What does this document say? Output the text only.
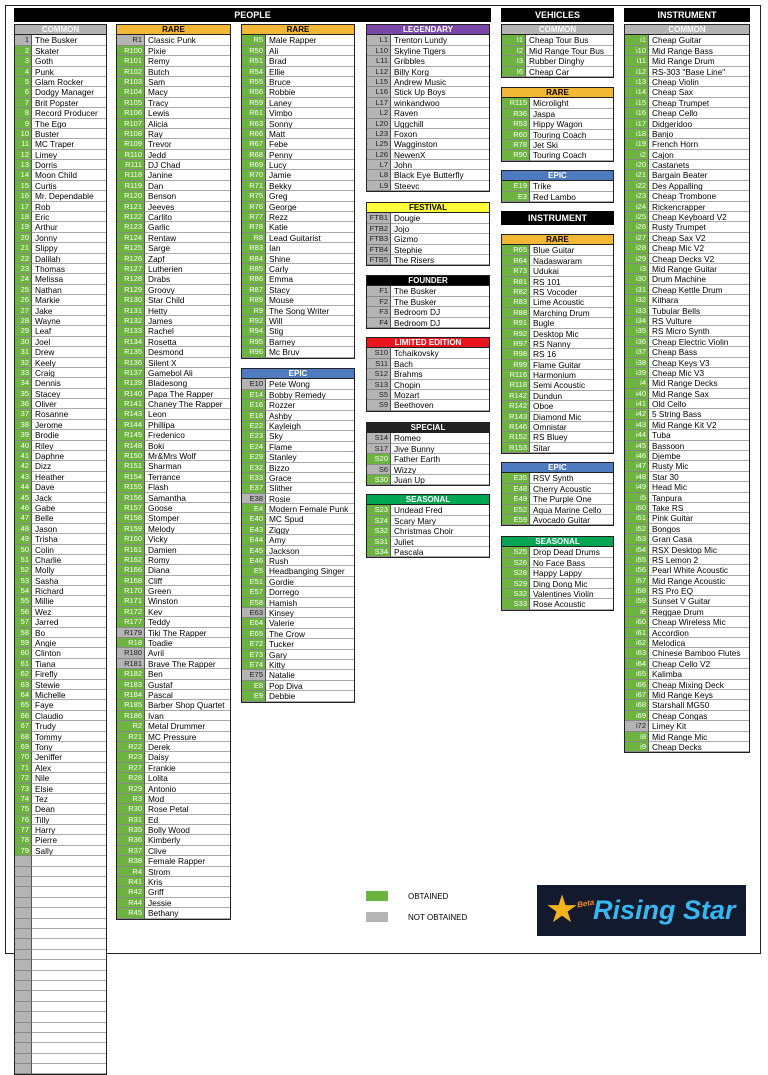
PEOPLE	VEHICLES	INSTRUMENT
INSTRUMENT
COMMON
1 The Busker
2 Skater
3 Goth
4 Punk
5 Glam Rocker
6 Dodgy Manager
7 Brit Popster
8 Record Producer
9 The Ego
10 Buster
11 MC Traper
12 Limey
13 Dorris
14 Moon Child
15 Curtis
16 Mr. Dependable
17 Rob
18 Eric
19 Arthur
20 Jonny
21 Slippy
22 Dalilah
23 Thomas
24 Melissa
25 Nathan
26 Markie
27 Jake
28 Wayne
29 Leaf
30 Joel
31 Drew
32 Keely
33 Craig
34 Dennis
35 Stacey
36 Oliver
37 Rosanne
38 Jerome
39 Brodie
40 Riley
41 Daphne
42 Dizz
43 Heather
44 Dave
45 Jack
46 Gabe
47 Belle
48 Jason
49 Trisha
50 Colin
51 Charlie
52 Molly
53 Sasha
54 Richard
55 Millie
56 Wez
57 Jarred
58 Bo
59 Angie
60 Clinton
61 Tiana
62 Firefly
63 Stewie
64 Michelle
65 Faye
66 Claudio
67 Trudy
68 Tommy
69 Tony
70 Jeniffer
71 Alex
72 Nile
73 Elsie
74 Tez
75 Dean
76 Tilly
77 Harry
78 Pierre
79 Sally
RARE
R1 Classic Punk
R100 Pixie
R101 Remy
R102 Butch
R103 Sam
R104 Macy
R105 Tracy
R106 Lewis
R107 Alicia
R108 Ray
R109 Trevor
R110 Jedd
R111 DJ Chad
R118 Janine
R119 Dan
R120 Benson
R121 Jeeves
R122 Carlito
R123 Garlic
R124 Rentaw
R125 Sarge
R126 Zapf
R127 Lutherien
R128 Drabs
R129 Groovy
R130 Star Child
R131 Hetty
R132 James
R133 Rachel
R134 Rosetta
R135 Desmond
R136 Silent X
R137 Gamebol Ali
R139 Bladesong
R140 Papa The Rapper
R141 Chaney The Rapper
R143 Leon
R144 Phillipa
R145 Fredenico
R148 Boki
R150 Mr&Mrs Wolf
R151 Sharman
R154 Terrance
R155 Flash
R156 Samantha
R157 Goose
R158 Stomper
R159 Melody
R160 Vicky
R161 Damien
R162 Romy
R166 Diana
R168 Cliff
R170 Green
R171 Winston
R172 Kev
R177 Teddy
R179 Tiki The Rapper
R18 Toadie
R180 Avril
R181 Brave The Rapper
R182 Ben
R183 Gustaf
R184 Pascal
R185 Barber Shop Quartet
R186 Ivan
R2 Metal Drummer
R21 MC Pressure
R22 Derek
R23 Daisy
R27 Frankie
R28 Lolita
R29 Antonio
R3 Mod
R30 Rose Petal
R31 Ed
R35 Bolly Wood
R36 Kimberly
R37 Clive
R38 Female Rapper
R4 Strom
R41 Kris
R42 Griff
R44 Jessie
R45 Bethany
RARE
R5 Male Rapper
R50 Ali
R51 Brad
R54 Ellie
R55 Bruce
R56 Robbie
R59 Laney
R61 Vimbo
R63 Sonny
R66 Matt
R67 Febe
R68 Penny
R69 Lucy
R70 Jamie
R71 Bekky
R75 Greg
R76 George
R77 Rezz
R78 Katie
R8 Lead Guitarist
R83 Ian
R84 Shine
R85 Carly
R86 Emma
R87 Stacy
R89 Mouse
R9 The Song Writer
R92 Will
R94 Stig
R95 Barney
R96 Mc Bruv
EPIC
E10 Pete Wong
E14 Bobby Remedy
E16 Rozzer
E18 Ashby
E22 Kayleigh
E23 Sky
E24 Flame
E29 Stanley
E32 Bizzo
E33 Grace
E37 Slither
E38 Rosie
E4 Modern Female Punk
E40 MC Spud
E43 Ziggy
E44 Amy
E45 Jackson
E46 Rush
E5 Headbanging Singer
E51 Gordie
E57 Dorrego
E58 Hamish
E63 Kinsey
E64 Valerie
E65 The Crow
E72 Tucker
E73 Gary
E74 Kitty
E75 Natalie
E8 Pop Diva
E9 Debbie
LEGENDARY
L1 Trenton Lundy
L10 Skyline Tigers
L11 Gribbles
L12 Billy Korg
L15 Andrew Music
L16 Stick Up Boys
L17 winkandwoo
L2 Raven
L20 Uggchill
L23 Foxon
L25 Wagginston
L26 NewenX
L7 John
L8 Black Eye Butterfly
L9 Steevc
FESTIVAL
FTB1 Dougie
FTB2 Jojo
FTB3 Gizmo
FTB4 Stephie
FTB5 The Risers
FOUNDER
F1 The Busker
F2 The Busker
F3 Bedroom DJ
F4 Bedroom DJ
LIMITED EDITION
S10 Tchaikovsky
S11 Bach
S12 Brahms
S13 Chopin
S5 Mozart
S9 Beethoven
SPECIAL
S14 Romeo
S17 Jive Bunny
S20 Father Earth
S6 Wizzy
S30 Juan Up
SEASONAL
S23 Undead Fred
S24 Scary Mary
S32 Christmas Choir
S31 Juliet
S34 Pascala
COMMON
I1 Cheap Tour Bus
I2 Mid Range Tour Bus
I3 Rubber Dinghy
I6 Cheap Car
RARE
R115 Microlight
R36 Jaspa
R53 Hippy Wagon
R60 Touring Coach
R78 Jet Ski
R90 Touring Coach
EPIC
E19 Trike
E3 Red Lambo
RARE
R65 Blue Guitar
R64 Nadaswaram
R73 Udukai
R81 RS 101
R82 RS Vocoder
R83 Lime Acoustic
R88 Marching Drum
R91 Bugle
R92 Desktop Mic
R97 RS Nanny
R98 RS 16
R99 Flame Guitar
R116 Harmonium
R118 Semi Acoustic
R142 Dundun
R142 Oboe
R143 Diamond Mic
R146 Omnistar
R152 RS Bluey
R153 Sitar
EPIC
E35 RSV Synth
E48 Cherry Acoustic
E49 The Purple One
E52 Aqua Marine Cello
E59 Avocado Guitar
SEASONAL
S25 Drop Dead Drums
S26 No Face Bass
S28 Happy Lappy
S29 Ding Dong Mic
S32 Valentines Violin
S33 Rose Acoustic
COMMON
i1 Cheap Guitar
i10 Mid Range Bass
i11 Mid Range Drum
i12 RS-303 "Base Line"
i13 Cheap Violin
i14 Cheap Sax
i15 Cheap Trumpet
i16 Cheap Cello
i17 Didgeridoo
i18 Banjo
i19 French Horn
i2 Cajon
i20 Castanets
i21 Bargain Beater
i22 Des Appalling
i23 Cheap Trombone
i24 Rickencrapper
i25 Cheap Keyboard V2
i26 Rusty Trumpet
i27 Cheap Sax V2
i28 Cheap Mic V2
i29 Cheap Decks V2
i3 Mid Range Guitar
i30 Drum Machine
i31 Cheap Kettle Drum
i32 Kithara
i33 Tubular Bells
i34 RS Vulture
i35 RS Micro Synth
i36 Cheap Electric Violin
i37 Cheap Bass
i38 Cheap Keys V3
i39 Cheap Mic V3
i4 Mid Range Decks
i40 Mid Range Sax
i41 Old Cello
i42 5 String Bass
i43 Mid Range Kit V2
i44 Tuba
i45 Bassoon
i46 Djembe
i47 Rusty Mic
i48 Star 30
i49 Head Mic
i5 Tanpura
i50 Take RS
i51 Pink Guitar
i52 Bongos
i53 Gran Casa
i54 RSX Desktop Mic
i55 RS Lemon 2
i56 Pearl White Acoustic
i57 Mid Range Acoustic
i58 RS Pro EQ
i59 Sunset V Guitar
i6 Reggae Drum
i60 Cheap Wireless Mic
i61 Accordion
i62 Melodica
i63 Chinese Bamboo Flutes
i64 Cheap Cello V2
i65 Kalimba
i66 Cheap Mixing Deck
i67 Mid Range Keys
i68 Starshall MG50
i69 Cheap Congas
i72 Limey Kit
i8 Mid Range Mic
i9 Cheap Decks
OBTAINED
NOT OBTAINED ★
Beta
Rising Star
